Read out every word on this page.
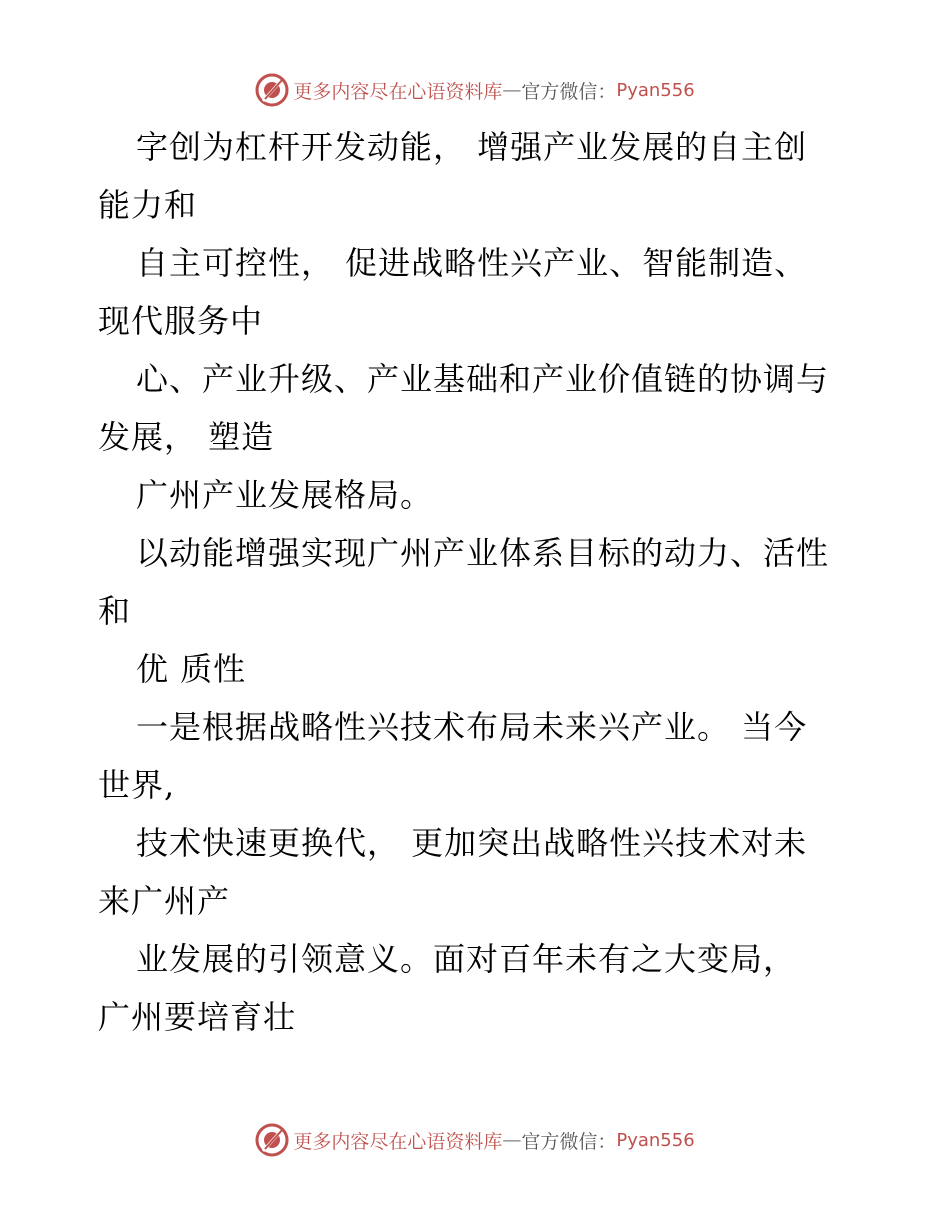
更多内容尽在心语资料库 — 官方微信： Pyan556
字创为杠杆开发动能， 增强产业发展的自主创
能力和
自主可控性， 促进战略性兴产业、智能制造、
现代服务中
心、产业升级、产业基础和产业价值链的协调与
发展， 塑造
广州产业发展格局。
以动能增强实现广州产业体系目标的动力、活性
和
优 质性
一是根据战略性兴技术布局未来兴产业。 当今
世界,
技术快速更换代， 更加突出战略性兴技术对未
来广州产
业发展的引领意义。面对百年未有之大变局，
广州要培育壮
更多内容尽在心语资料库 — 官方微信： Pyan556
